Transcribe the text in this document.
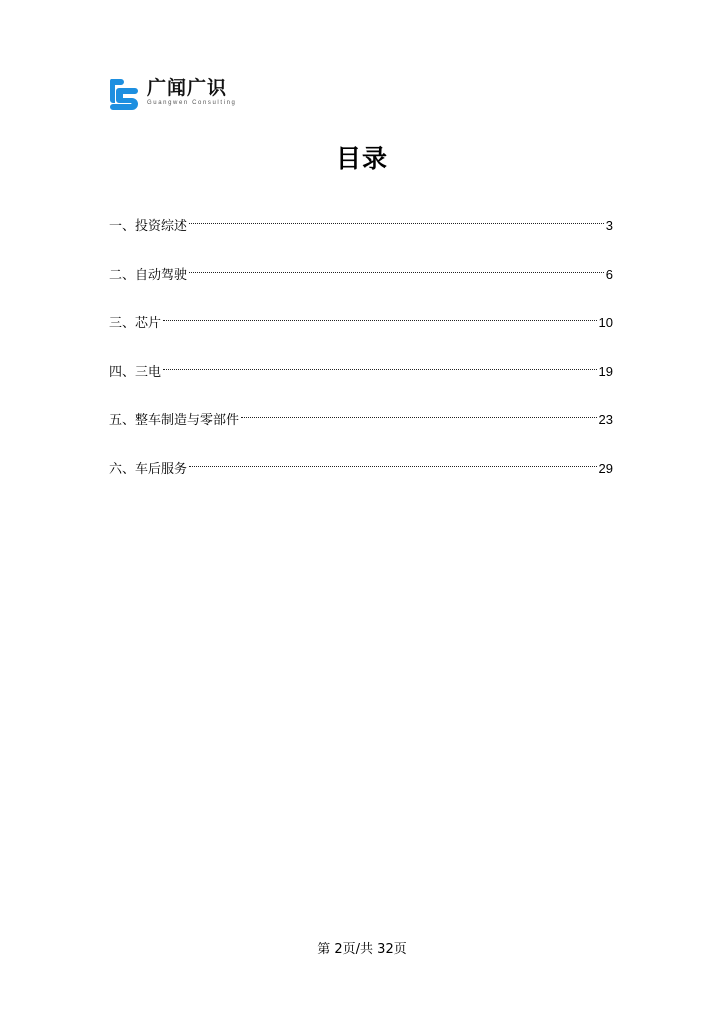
广闻广识
Guangwen Consulting
目录
一、投资综述	3
二、自动驾驶	6
三、芯片	10
四、三电	19
五、整车制造与零部件	23
六、车后服务	29
第 2页/共 32页
